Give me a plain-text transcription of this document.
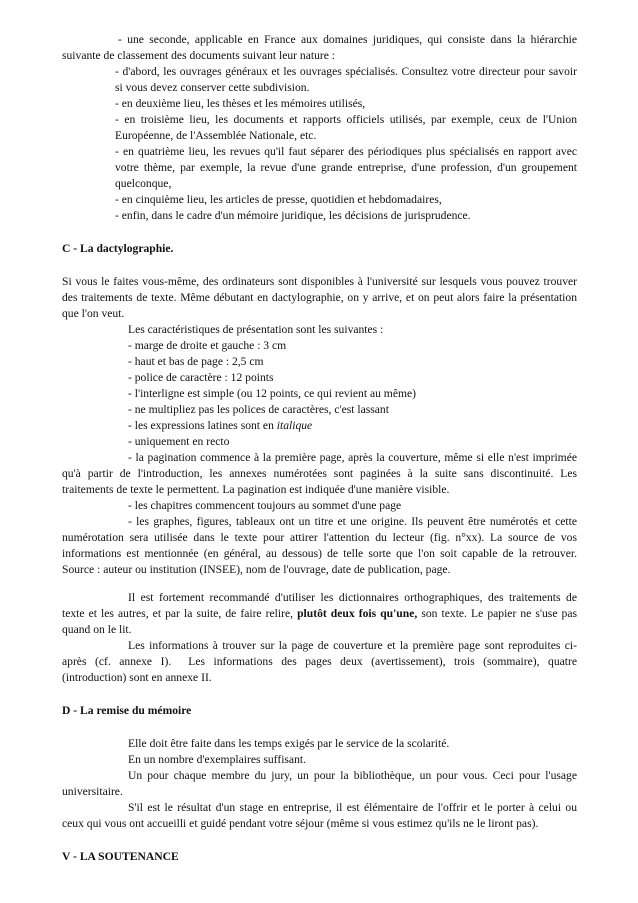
- une seconde, applicable en France aux domaines juridiques, qui consiste dans la hiérarchie

suivante de classement des documents suivant leur nature :

- d'abord, les ouvrages généraux et les ouvrages spécialisés. Consultez votre directeur pour savoir

si vous devez conserver cette subdivision.

- en deuxième lieu, les thèses et les mémoires utilisés,

- en troisième lieu, les documents et rapports officiels utilisés, par exemple, ceux de l'Union

Européenne, de l'Assemblée Nationale, etc.

- en quatrième lieu, les revues qu'il faut séparer des périodiques plus spécialisés en rapport avec

votre thème, par exemple, la revue d'une grande entreprise, d'une profession, d'un groupement

quelconque,

- en cinquième lieu, les articles de presse, quotidien et hebdomadaires,

- enfin, dans le cadre d'un mémoire juridique, les décisions de jurisprudence.

C - La dactylographie.

Si vous le faites vous-même, des ordinateurs sont disponibles à l'université sur lesquels vous pouvez trouver

des traitements de texte. Même débutant en dactylographie, on y arrive, et on peut alors faire la présentation

que l'on veut.

Les caractéristiques de présentation sont les suivantes :

- marge de droite et gauche : 3 cm

- haut et bas de page : 2,5 cm

- police de caractère : 12 points

- l'interligne est simple (ou 12 points, ce qui revient au même)

- ne multipliez pas les polices de caractères, c'est lassant

- les expressions latines sont en italique

- uniquement en recto

- la pagination commence à la première page, après la couverture, même si elle n'est imprimée

qu'à partir de l'introduction, les annexes numérotées sont paginées à la suite sans discontinuité. Les

traitements de texte le permettent. La pagination est indiquée d'une manière visible.

- les chapitres commencent toujours au sommet d'une page

- les graphes, figures, tableaux ont un titre et une origine. Ils peuvent être numérotés et cette

numérotation sera utilisée dans le texte pour attirer l'attention du lecteur (fig. n°xx). La source de vos

informations est mentionnée (en général, au dessous) de telle sorte que l'on soit capable de la retrouver.

Source : auteur ou institution (INSEE), nom de l'ouvrage, date de publication, page.

Il est fortement recommandé d'utiliser les dictionnaires orthographiques, des traitements de

texte et les autres, et par la suite, de faire relire, plutôt deux fois qu'une, son texte. Le papier ne s'use pas

quand on le lit.

Les informations à trouver sur la page de couverture et la première page sont reproduites ci-

après  (cf.  annexe  I).    Les  informations  des  pages  deux  (avertissement),  trois  (sommaire),  quatre

(introduction) sont en annexe II.

D - La remise du mémoire

Elle doit être faite dans les temps exigés par le service de la scolarité.

En un nombre d'exemplaires suffisant.

Un pour chaque membre du jury, un pour la bibliothèque, un pour vous. Ceci pour l'usage

universitaire.

S'il est le résultat d'un stage en entreprise, il est élémentaire de l'offrir et le porter à celui ou

ceux qui vous ont accueilli et guidé pendant votre séjour (même si vous estimez qu'ils ne le liront pas).

V - LA SOUTENANCE
